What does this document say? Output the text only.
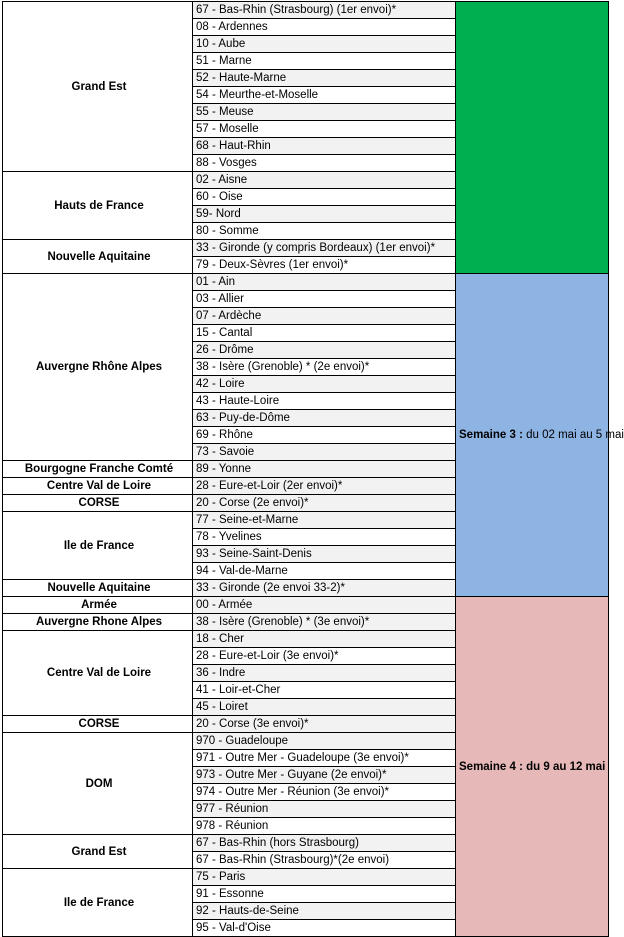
Grand Est	67 - Bas-Rhin (Strasbourg) (1er envoi)*	
	08 - Ardennes	
	10 - Aube	
	51 - Marne	
	52 - Haute-Marne	
	54 - Meurthe-et-Moselle	
	55 - Meuse	
	57 - Moselle	
	68 - Haut-Rhin	
	88 - Vosges	
Hauts de France	02 - Aisne	
	60 - Oise	
	59- Nord	
	80 - Somme	
Nouvelle Aquitaine	33 - Gironde (y compris Bordeaux) (1er envoi)*	
	79 - Deux-Sèvres (1er envoi)*	
Auvergne Rhône Alpes	01 - Ain	Semaine 3 : du 02 mai au 5 mai
	03 - Allier	
	07 - Ardèche	
	15 - Cantal	
	26 - Drôme	
	38 - Isère (Grenoble) * (2e envoi)*	
	42 - Loire	
	43 - Haute-Loire	
	63 - Puy-de-Dôme	
	69 - Rhône	
	73 - Savoie	
Bourgogne Franche Comté	89 - Yonne	
Centre Val de Loire	28 - Eure-et-Loir (2er envoi)*	
CORSE	20 - Corse (2e envoi)*	
Ile de France	77 - Seine-et-Marne	
	78 - Yvelines	
	93 - Seine-Saint-Denis	
	94 - Val-de-Marne	
Nouvelle Aquitaine	33 - Gironde (2e envoi 33-2)*	
Armée	00 - Armée	Semaine 4 : du 9 au 12 mai
Auvergne Rhone Alpes	38 - Isère (Grenoble) * (3e envoi)*	
Centre Val de Loire	18 - Cher	
	28 - Eure-et-Loir (3e envoi)*	
	36 - Indre	
	41 - Loir-et-Cher	
	45 - Loiret	
CORSE	20 - Corse (3e envoi)*	
DOM	970 - Guadeloupe	
	971 - Outre Mer - Guadeloupe (3e envoi)*	
	973 - Outre Mer - Guyane (2e envoi)*	
	974 - Outre Mer - Réunion (3e envoi)*	
	977 - Réunion	
	978 - Réunion	
Grand Est	67 - Bas-Rhin (hors Strasbourg)	
	67 - Bas-Rhin (Strasbourg)*(2e envoi)	
Ile de France	75 - Paris	
	91 - Essonne	
	92 - Hauts-de-Seine	
	95 - Val-d'Oise	
